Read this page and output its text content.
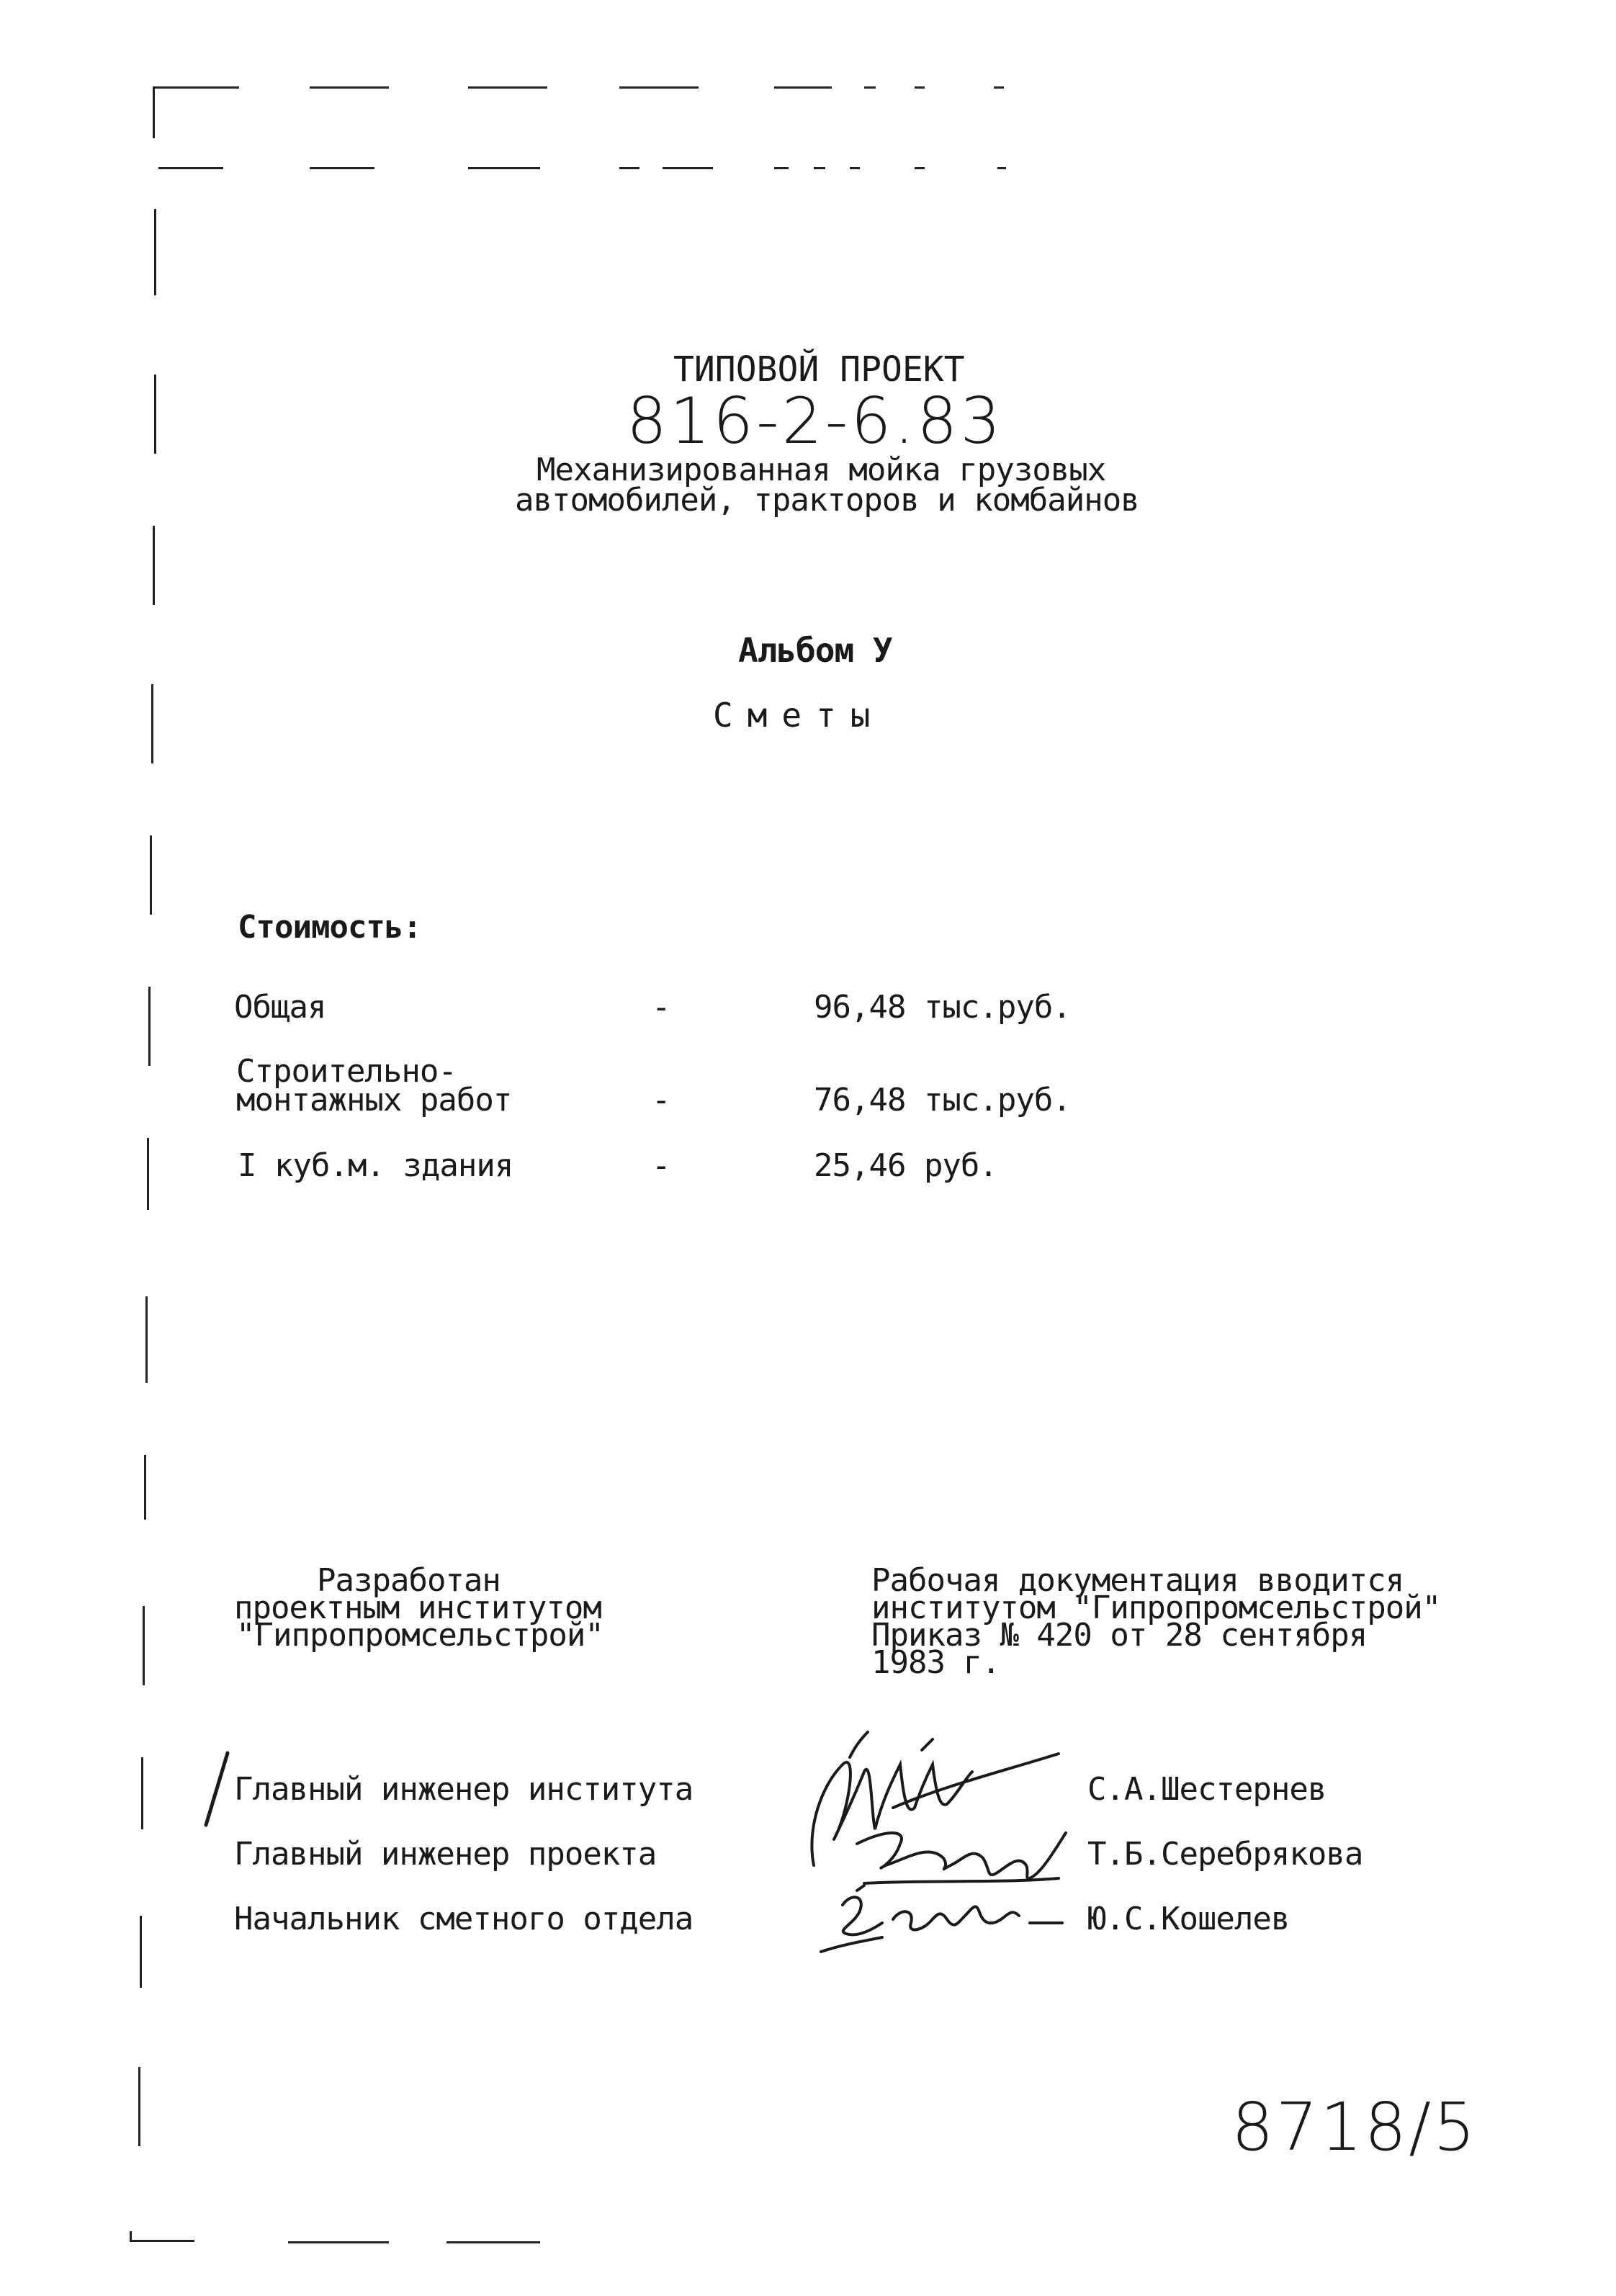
ТИПОВОЙ ПРОЕКТ
816-2-6.83
Механизированная мойка грузовых
автомобилей, тракторов и комбайнов
Альбом У
Сметы
Стоимость:
Общая	-	96,48 тыс.руб.
Строительно-
монтажных работ	-	76,48 тыс.руб.
I куб.м. здания	-	25,46 руб.
Разработан
проектным институтом
"Гипропромсельстрой"
Рабочая документация вводится
институтом "Гипропромсельстрой"
Приказ № 420 от 28 сентября
1983 г.
Главный инженер института	С.А.Шестернев
Главный инженер проекта	Т.Б.Серебрякова
Начальник сметного отдела	Ю.С.Кошелев
8718/5
